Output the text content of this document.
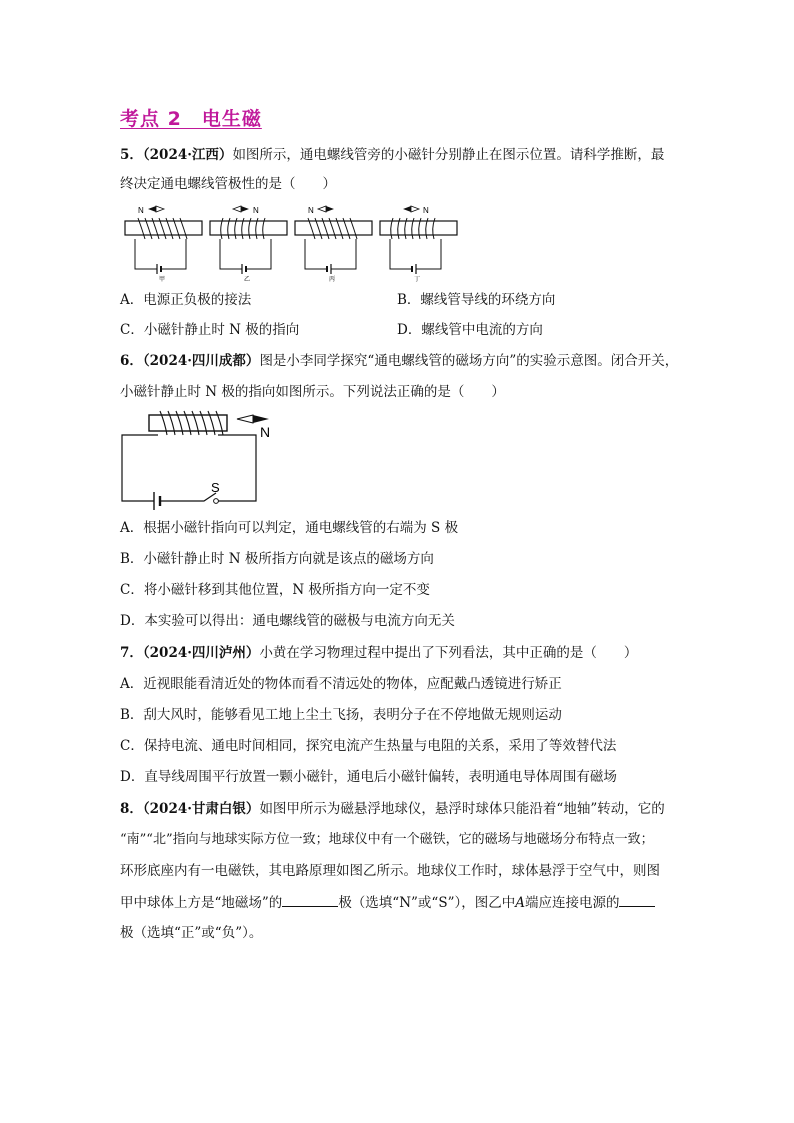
考点 2　电生磁
5．（2024·江西）如图所示，通电螺线管旁的小磁针分别静止在图示位置。请科学推断，最
终决定通电螺线管极性的是（　　）
N
甲
N
乙
N
丙
N
丁
A．电源正负极的接法	B．螺线管导线的环绕方向
C．小磁针静止时 N 极的指向	D．螺线管中电流的方向
6．（2024·四川成都）图是小李同学探究“通电螺线管的磁场方向”的实验示意图。闭合开关，
小磁针静止时 N 极的指向如图所示。下列说法正确的是（　　）
N
S
A．根据小磁针指向可以判定，通电螺线管的右端为 S 极
B．小磁针静止时 N 极所指方向就是该点的磁场方向
C．将小磁针移到其他位置，N 极所指方向一定不变
D．本实验可以得出：通电螺线管的磁极与电流方向无关
7．（2024·四川泸州）小黄在学习物理过程中提出了下列看法，其中正确的是（　　）
A．近视眼能看清近处的物体而看不清远处的物体，应配戴凸透镜进行矫正
B．刮大风时，能够看见工地上尘土飞扬，表明分子在不停地做无规则运动
C．保持电流、通电时间相同，探究电流产生热量与电阻的关系，采用了等效替代法
D．直导线周围平行放置一颗小磁针，通电后小磁针偏转，表明通电导体周围有磁场
8．（2024·甘肃白银）如图甲所示为磁悬浮地球仪，悬浮时球体只能沿着“地轴”转动，它的
“南”“北”指向与地球实际方位一致；地球仪中有一个磁铁，它的磁场与地磁场分布特点一致；
环形底座内有一电磁铁，其电路原理如图乙所示。地球仪工作时，球体悬浮于空气中，则图
甲中球体上方是“地磁场”的	极（选填“N”或“S”），图乙中A端应连接电源的
极（选填“正”或“负”）。
